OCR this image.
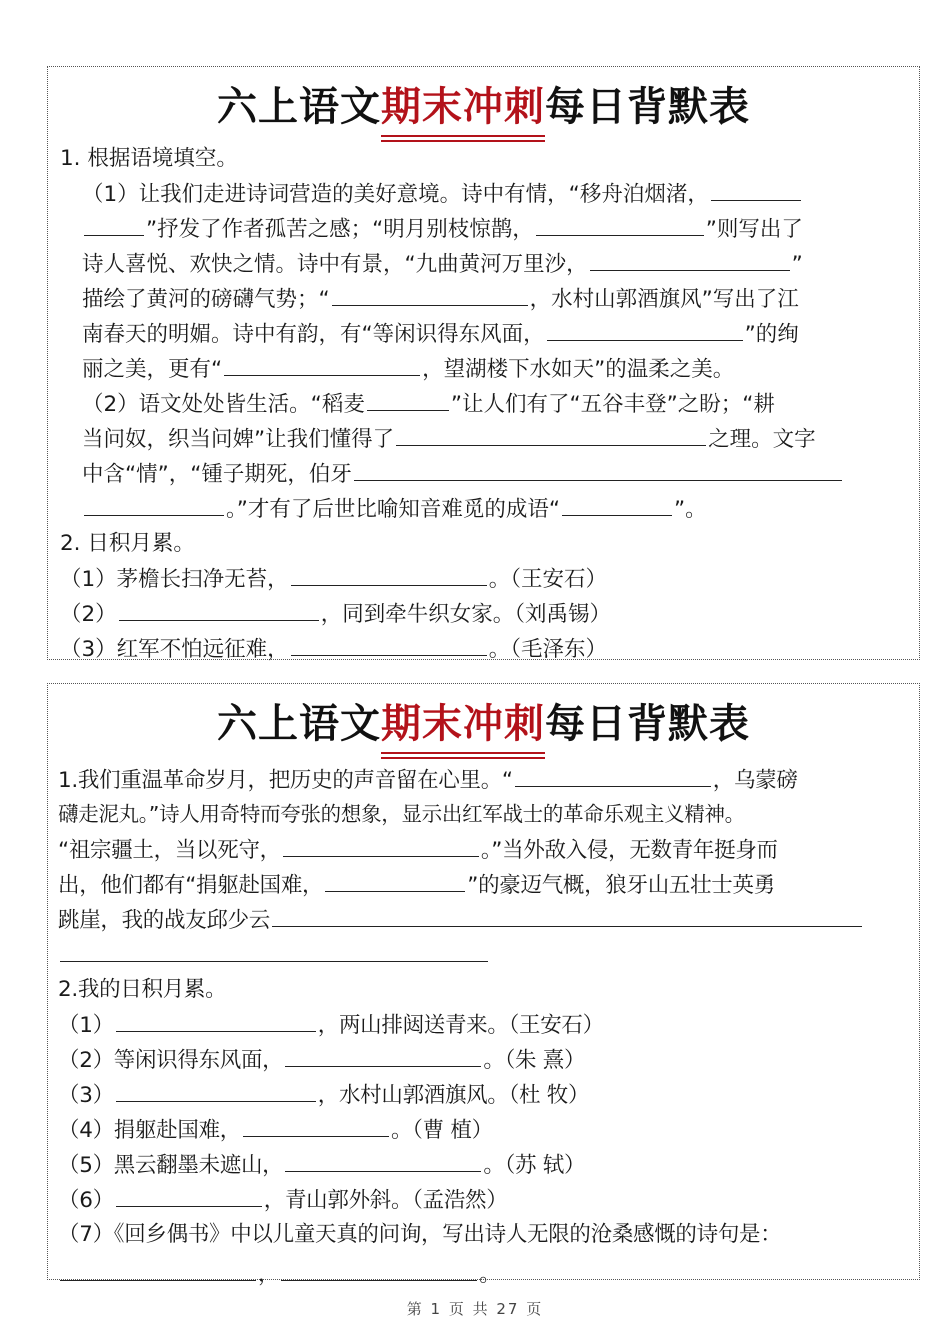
六上语文期末冲刺每日背默表
1. 根据语境填空。
（1）让我们走进诗词营造的美好意境。诗中有情，“移舟泊烟渚，
”抒发了作者孤苦之感；“明月别枝惊鹊，	”则写出了
诗人喜悦、欢快之情。诗中有景，“九曲黄河万里沙，	”
描绘了黄河的磅礴气势；“	，水村山郭酒旗风”写出了江
南春天的明媚。诗中有韵，有“等闲识得东风面，	”的绚
丽之美，更有“	，望湖楼下水如天”的温柔之美。
（2）语文处处皆生活。“稻麦	”让人们有了“五谷丰登”之盼；“耕
当问奴，织当问婢”让我们懂得了	之理。文字
中含“情”，“锺子期死，伯牙
。”才有了后世比喻知音难觅的成语“	”。
2. 日积月累。
（1）茅檐长扫净无苔，	。（王安石）
（2）	，同到牵牛织女家。（刘禹锡）
（3）红军不怕远征难，	。（毛泽东）
六上语文期末冲刺每日背默表
1.我们重温革命岁月，把历史的声音留在心里。“	，乌蒙磅
礴走泥丸。”诗人用奇特而夸张的想象，显示出红军战士的革命乐观主义精神。
“祖宗疆土，当以死守，	。”当外敌入侵，无数青年挺身而
出，他们都有“捐躯赴国难，	”的豪迈气概，狼牙山五壮士英勇
跳崖，我的战友邱少云
2.我的日积月累。
（1）	，两山排闼送青来。（王安石）
（2）等闲识得东风面，	。（朱 熹）
（3）	，水村山郭酒旗风。（杜 牧）
（4）捐躯赴国难，	。（曹 植）
（5）黑云翻墨未遮山，	。（苏 轼）
（6）	，青山郭外斜。（孟浩然）
（7）《回乡偶书》中以儿童天真的问询，写出诗人无限的沧桑感慨的诗句是：
，	。
第 1 页 共 27 页
